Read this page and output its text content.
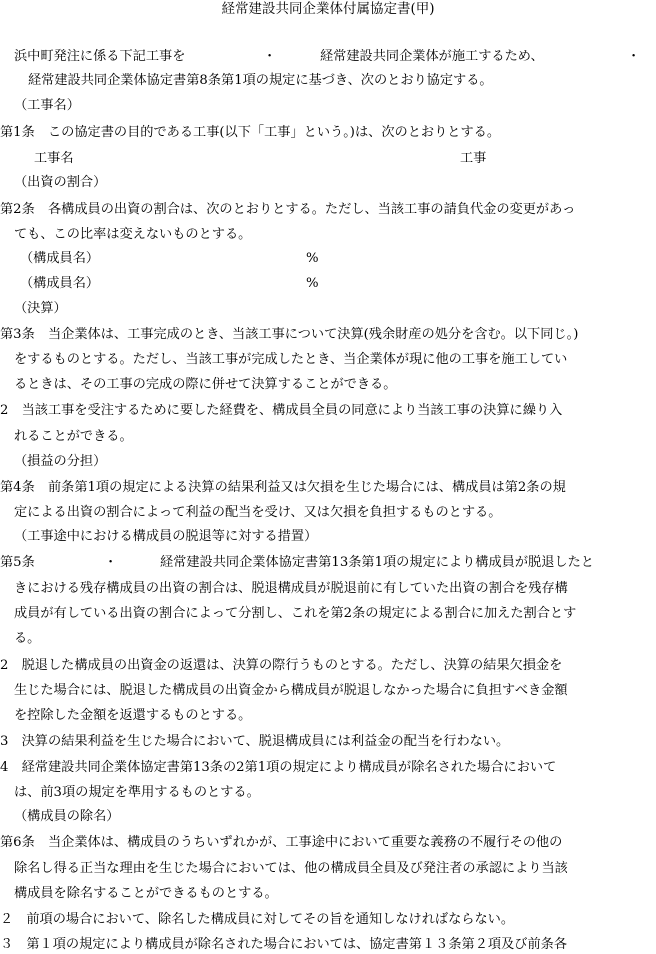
経常建設共同企業体付属協定書(甲)
浜中町発注に係る下記工事を	・	経常建設共同企業体が施工するため、	・
経常建設共同企業体協定書第8条第1項の規定に基づき、次のとおり協定する。
（工事名）
第1条　この協定書の目的である工事(以下「工事」という。)は、次のとおりとする。
工事名	工事
（出資の割合）
第2条　各構成員の出資の割合は、次のとおりとする。ただし、当該工事の請負代金の変更があっ
ても、この比率は変えないものとする。
（構成員名）	%
（構成員名）	%
（決算）
第3条　当企業体は、工事完成のとき、当該工事について決算(残余財産の処分を含む。以下同じ。)
をするものとする。ただし、当該工事が完成したとき、当企業体が現に他の工事を施工してい
るときは、その工事の完成の際に併せて決算することができる。
2　当該工事を受注するために要した経費を、構成員全員の同意により当該工事の決算に繰り入
れることができる。
（損益の分担）
第4条　前条第1項の規定による決算の結果利益又は欠損を生じた場合には、構成員は第2条の規
定による出資の割合によって利益の配当を受け、又は欠損を負担するものとする。
（工事途中における構成員の脱退等に対する措置）
第5条	・	経常建設共同企業体協定書第13条第1項の規定により構成員が脱退したと
きにおける残存構成員の出資の割合は、脱退構成員が脱退前に有していた出資の割合を残存構
成員が有している出資の割合によって分割し、これを第2条の規定による割合に加えた割合とす
る。
2　脱退した構成員の出資金の返還は、決算の際行うものとする。ただし、決算の結果欠損金を
生じた場合には、脱退した構成員の出資金から構成員が脱退しなかった場合に負担すべき金額
を控除した金額を返還するものとする。
3　決算の結果利益を生じた場合において、脱退構成員には利益金の配当を行わない。
4　経常建設共同企業体協定書第13条の2第1項の規定により構成員が除名された場合において
は、前3項の規定を準用するものとする。
（構成員の除名）
第6条　当企業体は、構成員のうちいずれかが、工事途中において重要な義務の不履行その他の
除名し得る正当な理由を生じた場合においては、他の構成員全員及び発注者の承認により当該
構成員を除名することができるものとする。
２　前項の場合において、除名した構成員に対してその旨を通知しなければならない。
３　第１項の規定により構成員が除名された場合においては、協定書第１３条第２項及び前条各
